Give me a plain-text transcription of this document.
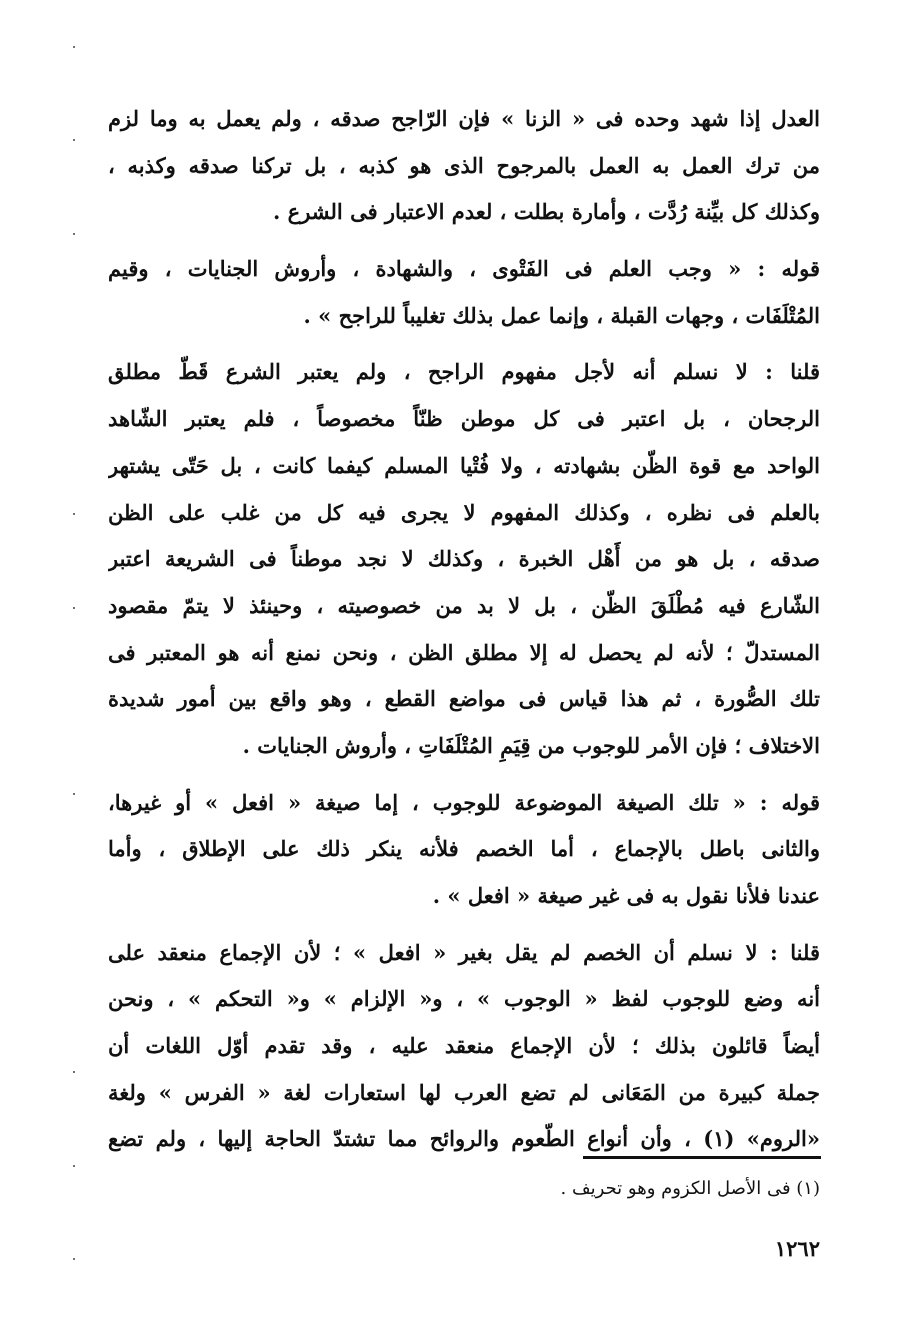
العدل إذا شهد وحده فى « الزنا » فإن الرّاجح صدقه ، ولم يعمل به وما لزم
من ترك العمل به العمل بالمرجوح الذى هو كذبه ، بل تركنا صدقه وكذبه ،
وكذلك كل بيِّنة رُدَّت ، وأمارة بطلت ، لعدم الاعتبار فى الشرع .
قوله : « وجب العلم فى الفَتْوى ، والشهادة ، وأروش الجنايات ، وقيم
المُتْلَفَات ، وجهات القبلة ، وإنما عمل بذلك تغليباً للراجح » .
قلنا : لا نسلم أنه لأجل مفهوم الراجح ، ولم يعتبر الشرع قَطّ مطلق
الرجحان ، بل اعتبر فى كل موطن ظنّاً مخصوصاً ، فلم يعتبر الشّاهد
الواحد مع قوة الظّن بشهادته ، ولا فُتْيا المسلم كيفما كانت ، بل حَتّى يشتهر
بالعلم فى نظره ، وكذلك المفهوم لا يجرى فيه كل من غلب على الظن
صدقه ، بل هو من أَهْل الخبرة ، وكذلك لا نجد موطناً فى الشريعة اعتبر
الشّارع فيه مُطْلَقَ الظّن ، بل لا بد من خصوصيته ، وحينئذ لا يتمّ مقصود
المستدلّ ؛ لأنه لم يحصل له إلا مطلق الظن ، ونحن نمنع أنه هو المعتبر فى
تلك الصُّورة ، ثم هذا قياس فى مواضع القطع ، وهو واقع بين أمور شديدة
الاختلاف ؛ فإن الأمر للوجوب من قِيَمِ المُتْلَفَاتِ ، وأروش الجنايات .
قوله : « تلك الصيغة الموضوعة للوجوب ، إما صيغة « افعل » أو غيرها،
والثانى باطل بالإجماع ، أما الخصم فلأنه ينكر ذلك على الإطلاق ، وأما
عندنا فلأنا نقول به فى غير صيغة « افعل » .
قلنا : لا نسلم أن الخصم لم يقل بغير « افعل » ؛ لأن الإجماع منعقد على
أنه وضع للوجوب لفظ « الوجوب » ، و« الإلزام » و« التحكم » ، ونحن
أيضاً قائلون بذلك ؛ لأن الإجماع منعقد عليه ، وقد تقدم أوّل اللغات أن
جملة كبيرة من المَعَانى لم تضع العرب لها استعارات لغة « الفرس » ولغة
«الروم» (١) ، وأن أنواع الطّعوم والروائح مما تشتدّ الحاجة إليها ، ولم تضع
(١) فى الأصل الكزوم وهو تحريف .
١٢٦٢
